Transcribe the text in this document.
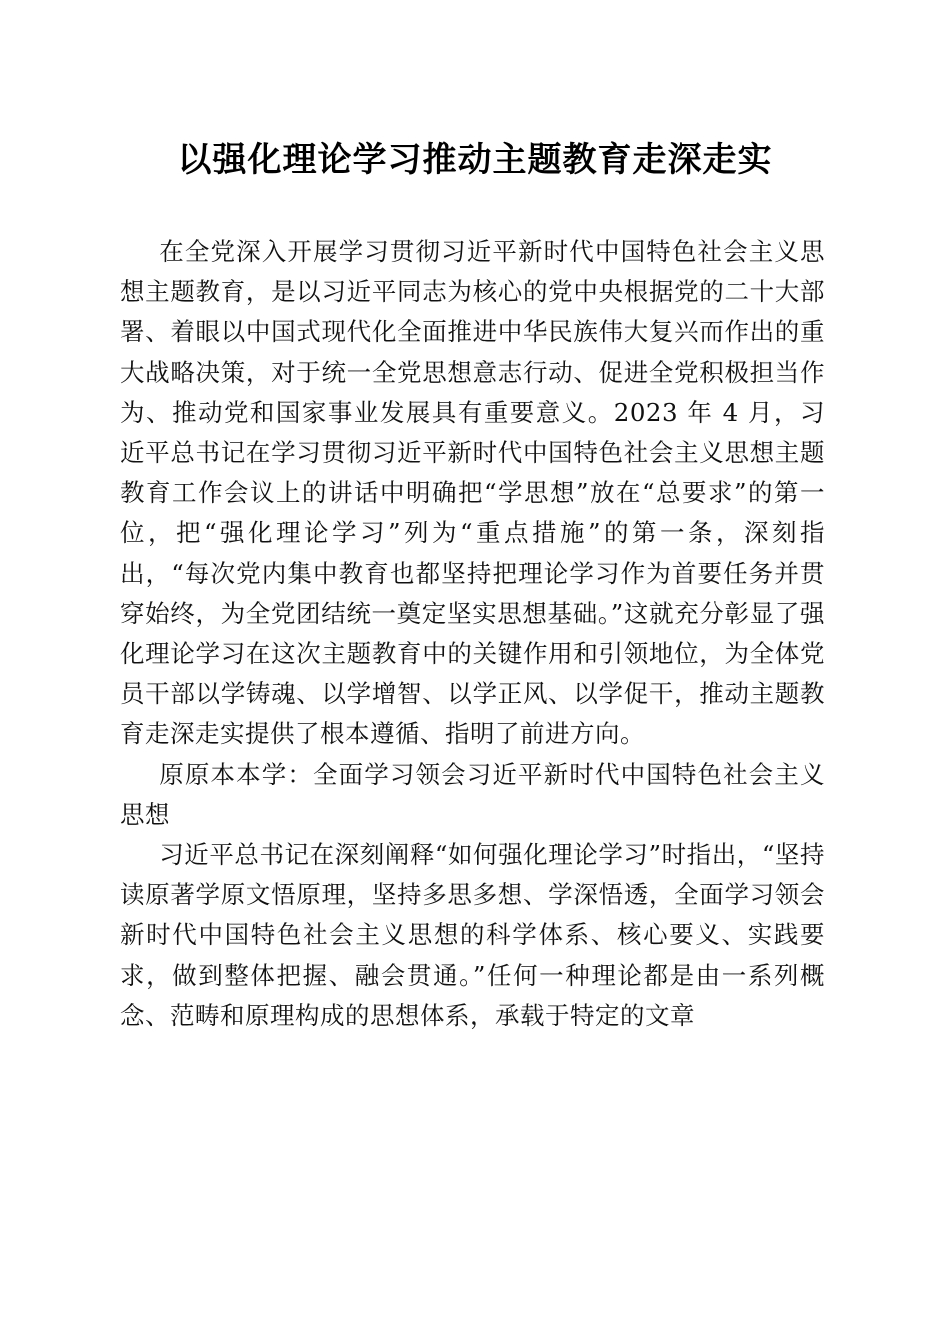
以强化理论学习推动主题教育走深走实

在全党深入开展学习贯彻习近平新时代中国特色社会主义思想主题教育，是以习近平同志为核心的党中央根据党的二十大部署、着眼以中国式现代化全面推进中华民族伟大复兴而作出的重大战略决策，对于统一全党思想意志行动、促进全党积极担当作为、推动党和国家事业发展具有重要意义。2023 年 4 月，习近平总书记在学习贯彻习近平新时代中国特色社会主义思想主题教育工作会议上的讲话中明确把“学思想”放在“总要求”的第一位，把“强化理论学习”列为“重点措施”的第一条，深刻指出，“每次党内集中教育也都坚持把理论学习作为首要任务并贯穿始终，为全党团结统一奠定坚实思想基础。”这就充分彰显了强化理论学习在这次主题教育中的关键作用和引领地位，为全体党员干部以学铸魂、以学增智、以学正风、以学促干，推动主题教育走深走实提供了根本遵循、指明了前进方向。

原原本本学：全面学习领会习近平新时代中国特色社会主义思想

习近平总书记在深刻阐释“如何强化理论学习”时指出，“坚持读原著学原文悟原理，坚持多思多想、学深悟透，全面学习领会新时代中国特色社会主义思想的科学体系、核心要义、实践要求，做到整体把握、融会贯通。”任何一种理论都是由一系列概念、范畴和原理构成的思想体系，承载于特定的文章
